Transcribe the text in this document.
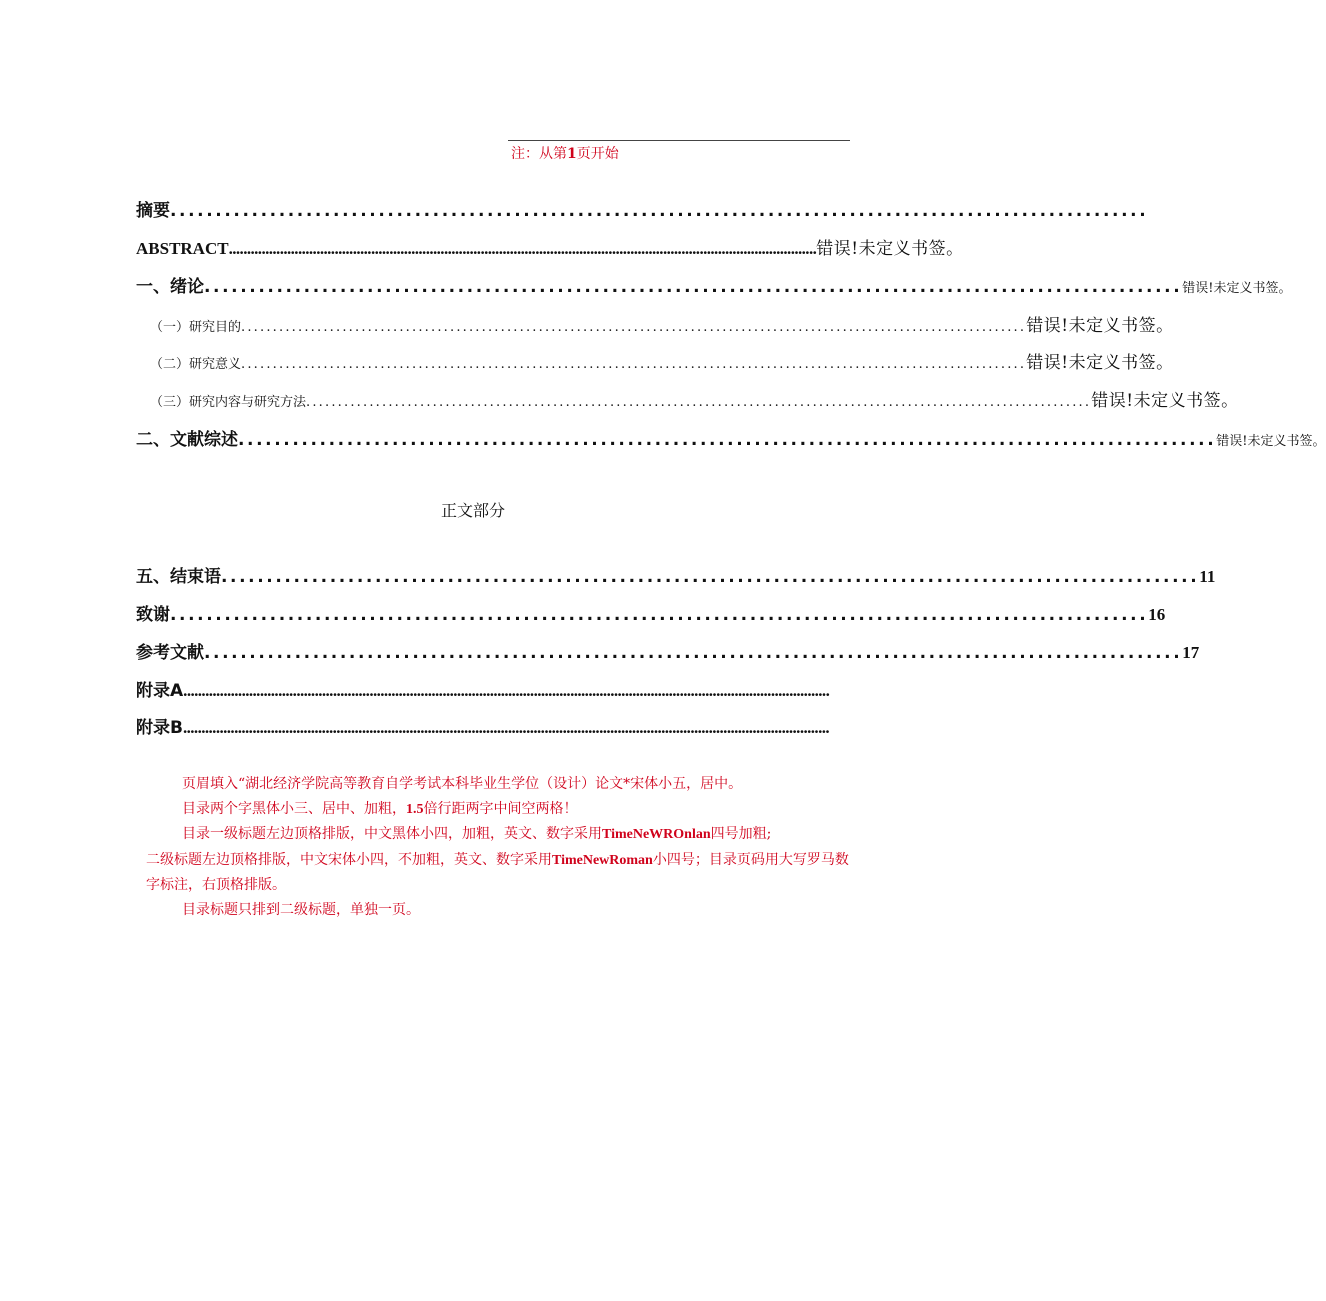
注：从第1页开始
摘要 ............................................................................................................
ABSTRACT ................................................................................................................................................................. 错误!未定义书签。
一、绪论 ............................................................................................................ 错误!未定义书签。
（一）研究目的 ............................................................................................................................ 错误!未定义书签。
（二）研究意义 ............................................................................................................................ 错误!未定义书签。
（三）研究内容与研究方法 ............................................................................................................................ 错误!未定义书签。
二、文献综述 ............................................................................................................ 错误!未定义书签。
正文部分
五、结束语 ............................................................................................................ 11
致谢 ............................................................................................................ 16
参考文献 ............................................................................................................ 17
附录A .................................................................................................................................................................................
附录B .................................................................................................................................................................................

页眉填入“湖北经济学院高等教育自学考试本科毕业生学位（设计）论文*宋体小五，居中。

目录两个字黑体小三、居中、加粗，1.5倍行距两字中间空两格！

目录一级标题左边顶格排版，中文黑体小四，加粗，英文、数字采用TimeNeWROnlan四号加粗;

二级标题左边顶格排版，中文宋体小四，不加粗，英文、数字采用TimeNewRoman小四号；目录页码用大写罗马数字标注，右顶格排版。

目录标题只排到二级标题，单独一页。
